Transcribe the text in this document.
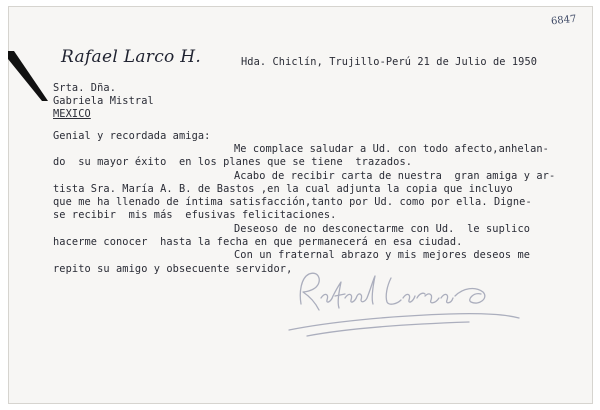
6847
Rafael Larco H.	Hda. Chiclín, Trujillo-Perú 21 de Julio de 1950
Srta. Dña.
Gabriela Mistral
MEXICO
Genial y recordada amiga:
Me complace saludar a Ud. con todo afecto,anhelan-
do  su mayor éxito  en los planes que se tiene  trazados.
Acabo de recibir carta de nuestra  gran amiga y ar-
tista Sra. María A. B. de Bastos ,en la cual adjunta la copia que incluyo
que me ha llenado de íntima satisfacción,tanto por Ud. como por ella. Digne-
se recibir  mis más  efusivas felicitaciones.
Deseoso de no desconectarme con Ud.  le suplico
hacerme conocer  hasta la fecha en que permanecerá en esa ciudad.
Con un fraternal abrazo y mis mejores deseos me
repito su amigo y obsecuente servidor,
